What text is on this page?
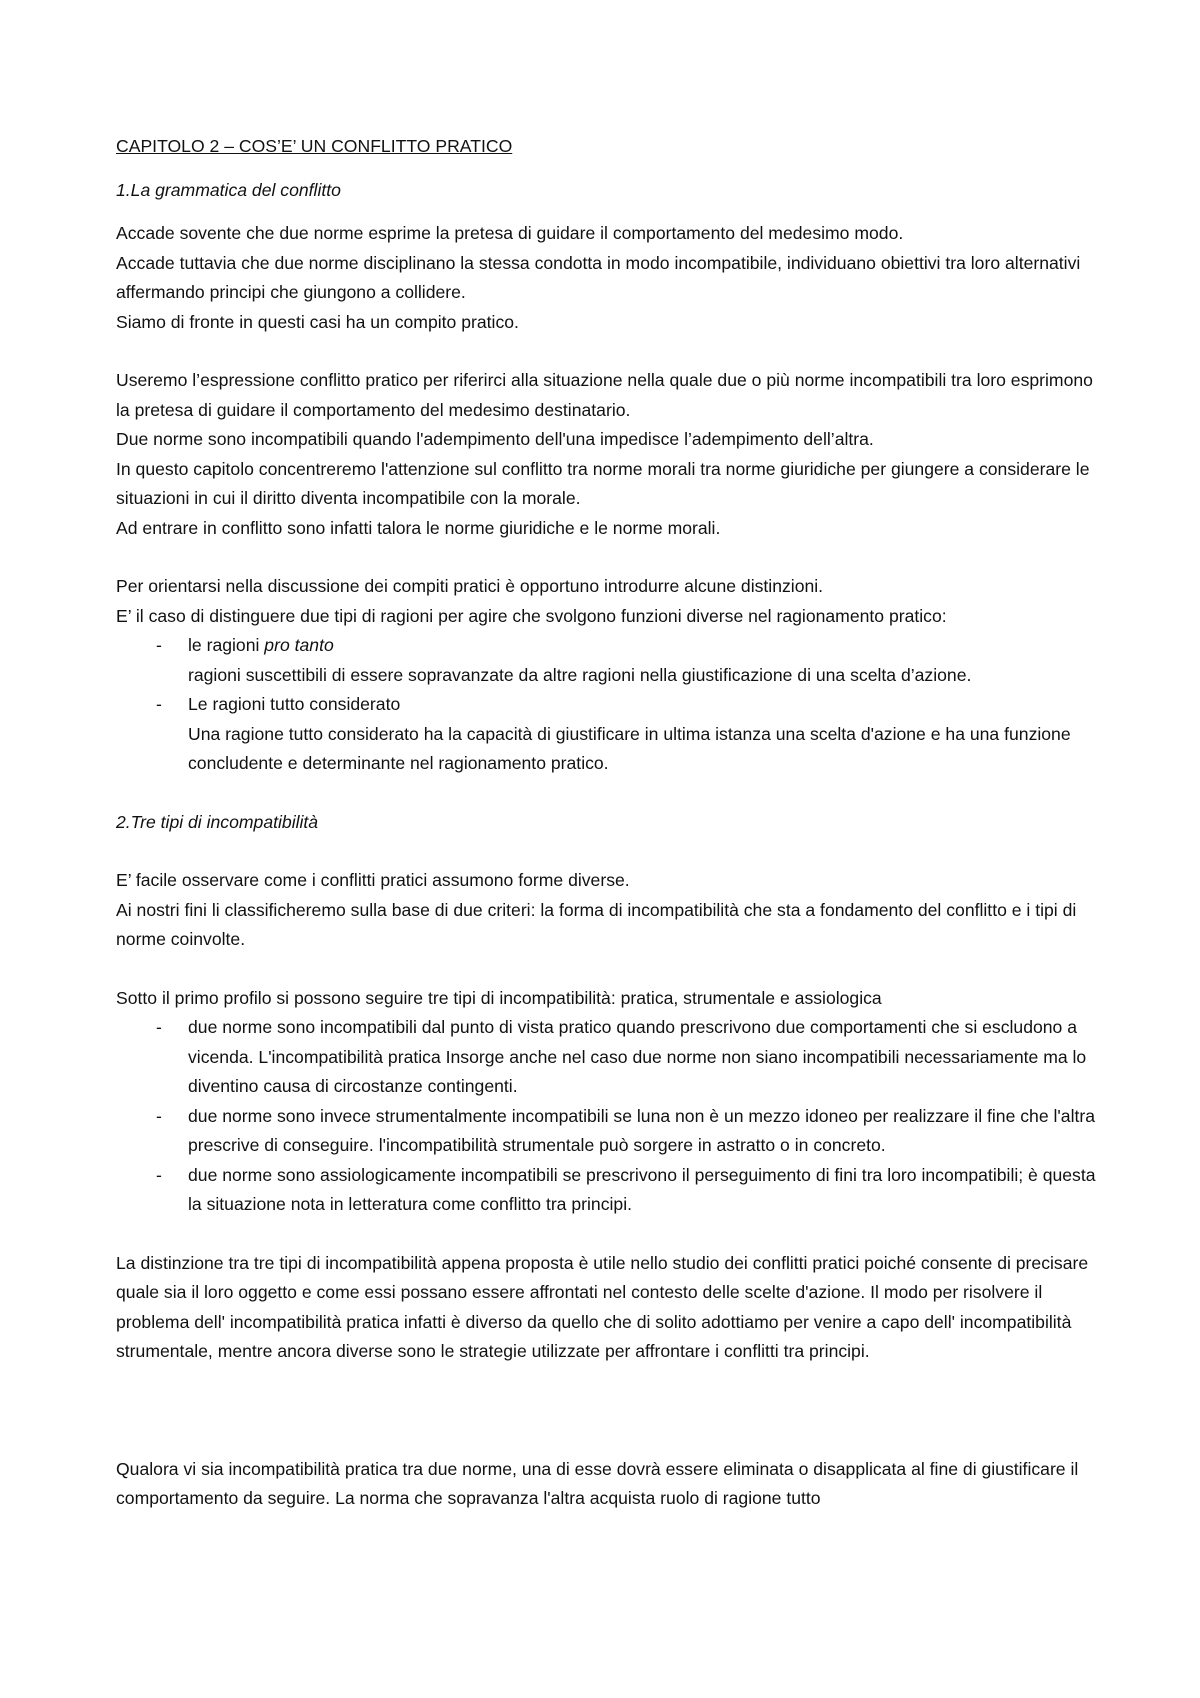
CAPITOLO 2 – COS’E’ UN CONFLITTO PRATICO

1.La grammatica del conflitto

Accade sovente che due norme esprime la pretesa di guidare il comportamento del medesimo modo.

Accade tuttavia che due norme disciplinano la stessa condotta in modo incompatibile, individuano obiettivi tra loro alternativi affermando principi che giungono a collidere.

Siamo di fronte in questi casi ha un compito pratico.

Useremo l’espressione conflitto pratico per riferirci alla situazione nella quale due o più norme incompatibili tra loro esprimono la pretesa di guidare il comportamento del medesimo destinatario.

Due norme sono incompatibili quando l'adempimento dell'una impedisce l’adempimento dell’altra.

In questo capitolo concentreremo l'attenzione sul conflitto tra norme morali tra norme giuridiche per giungere a considerare le situazioni in cui il diritto diventa incompatibile con la morale.

Ad entrare in conflitto sono infatti talora le norme giuridiche e le norme morali.

Per orientarsi nella discussione dei compiti pratici è opportuno introdurre alcune distinzioni.

E’ il caso di distinguere due tipi di ragioni per agire che svolgono funzioni diverse nel ragionamento pratico:

- le ragioni pro tanto
ragioni suscettibili di essere sopravanzate da altre ragioni nella giustificazione di una scelta d’azione.
- Le ragioni tutto considerato
Una ragione tutto considerato ha la capacità di giustificare in ultima istanza una scelta d'azione e ha una funzione concludente e determinante nel ragionamento pratico.

2.Tre tipi di incompatibilità

E’ facile osservare come i conflitti pratici assumono forme diverse.

Ai nostri fini li classificheremo sulla base di due criteri: la forma di incompatibilità che sta a fondamento del conflitto e i tipi di norme coinvolte.

Sotto il primo profilo si possono seguire tre tipi di incompatibilità: pratica, strumentale e assiologica

- due norme sono incompatibili dal punto di vista pratico quando prescrivono due comportamenti che si escludono a vicenda. L'incompatibilità pratica Insorge anche nel caso due norme non siano incompatibili necessariamente ma lo diventino causa di circostanze contingenti.
- due norme sono invece strumentalmente incompatibili se luna non è un mezzo idoneo per realizzare il fine che l'altra prescrive di conseguire. l'incompatibilità strumentale può sorgere in astratto o in concreto.
- due norme sono assiologicamente incompatibili se prescrivono il perseguimento di fini tra loro incompatibili; è questa la situazione nota in letteratura come conflitto tra principi.

La distinzione tra tre tipi di incompatibilità appena proposta è utile nello studio dei conflitti pratici poiché consente di precisare quale sia il loro oggetto e come essi possano essere affrontati nel contesto delle scelte d'azione. Il modo per risolvere il problema dell' incompatibilità pratica infatti è diverso da quello che di solito adottiamo per venire a capo dell' incompatibilità strumentale, mentre ancora diverse sono le strategie utilizzate per affrontare i conflitti tra principi.

Qualora vi sia incompatibilità pratica tra due norme, una di esse dovrà essere eliminata o disapplicata al fine di giustificare il comportamento da seguire. La norma che sopravanza l'altra acquista ruolo di ragione tutto
